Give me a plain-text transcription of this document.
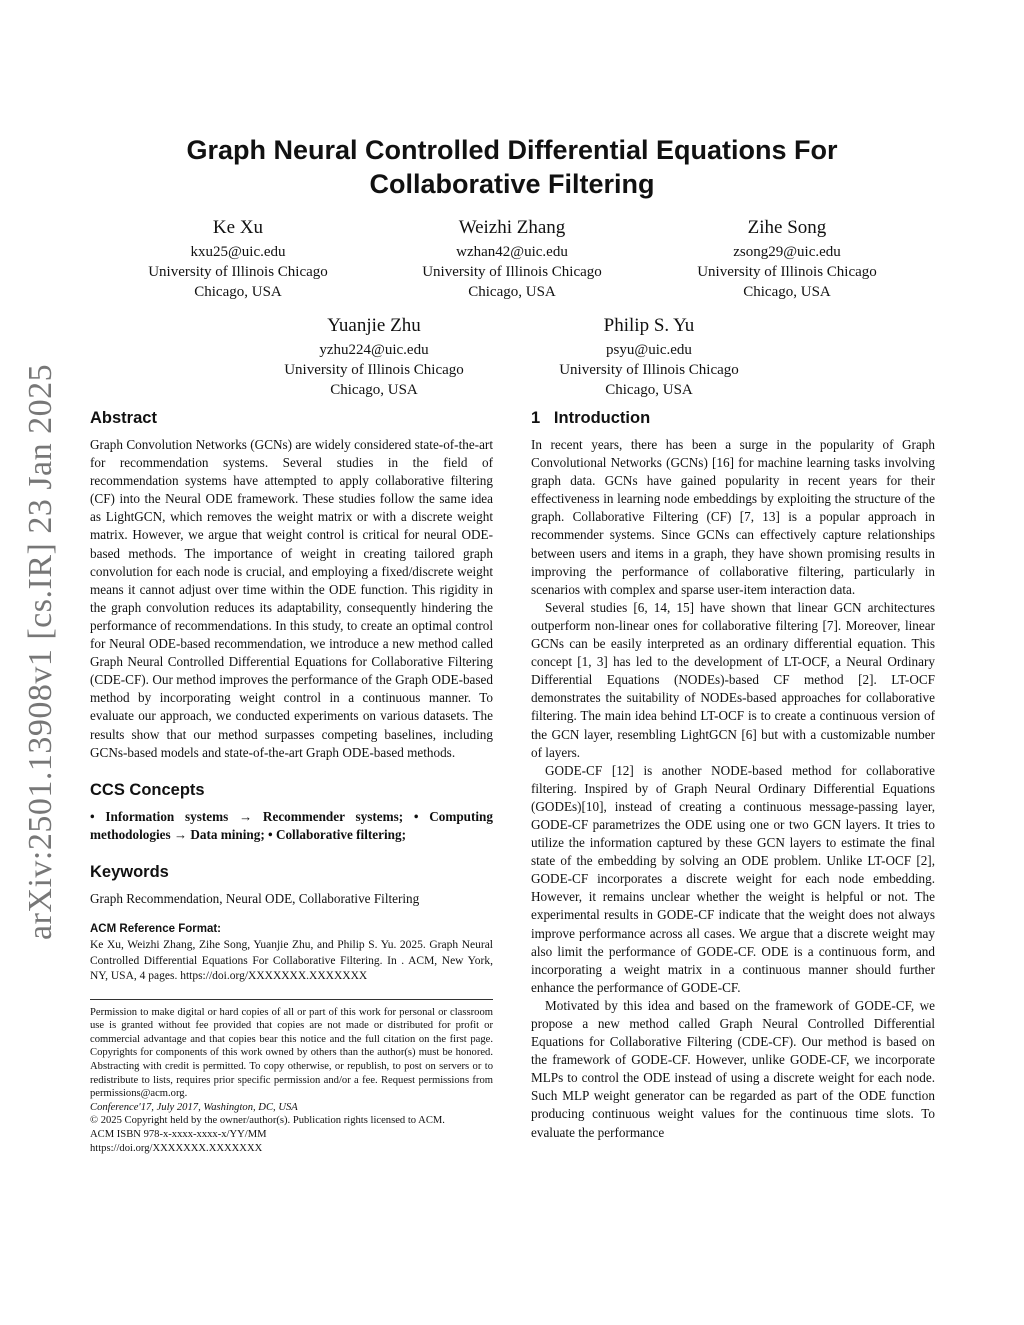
arXiv:2501.13908v1 [cs.IR] 23 Jan 2025
Graph Neural Controlled Differential Equations For
Collaborative Filtering
Ke Xu
kxu25@uic.edu
University of Illinois Chicago
Chicago, USA
Weizhi Zhang
wzhan42@uic.edu
University of Illinois Chicago
Chicago, USA
Zihe Song
zsong29@uic.edu
University of Illinois Chicago
Chicago, USA
Yuanjie Zhu
yzhu224@uic.edu
University of Illinois Chicago
Chicago, USA
Philip S. Yu
psyu@uic.edu
University of Illinois Chicago
Chicago, USA
Abstract

Graph Convolution Networks (GCNs) are widely considered state-of-the-art for recommendation systems. Several studies in the field of recommendation systems have attempted to apply collaborative filtering (CF) into the Neural ODE framework. These studies follow the same idea as LightGCN, which removes the weight matrix or with a discrete weight matrix. However, we argue that weight control is critical for neural ODE-based methods. The importance of weight in creating tailored graph convolution for each node is crucial, and employing a fixed/discrete weight means it cannot adjust over time within the ODE function. This rigidity in the graph convolution reduces its adaptability, consequently hindering the performance of recommendations. In this study, to create an optimal control for Neural ODE-based recommendation, we introduce a new method called Graph Neural Controlled Differential Equations for Collaborative Filtering (CDE-CF). Our method improves the performance of the Graph ODE-based method by incorporating weight control in a continuous manner. To evaluate our approach, we conducted experiments on various datasets. The results show that our method surpasses competing baselines, including GCNs-based models and state-of-the-art Graph ODE-based methods.

CCS Concepts

• Information systems → Recommender systems; • Computing methodologies → Data mining; • Collaborative filtering;

Keywords

Graph Recommendation, Neural ODE, Collaborative Filtering

ACM Reference Format:

Ke Xu, Weizhi Zhang, Zihe Song, Yuanjie Zhu, and Philip S. Yu. 2025. Graph Neural Controlled Differential Equations For Collaborative Filtering. In . ACM, New York, NY, USA, 4 pages. https://doi.org/XXXXXXX.XXXXXXX

Permission to make digital or hard copies of all or part of this work for personal or classroom use is granted without fee provided that copies are not made or distributed for profit or commercial advantage and that copies bear this notice and the full citation on the first page. Copyrights for components of this work owned by others than the author(s) must be honored. Abstracting with credit is permitted. To copy otherwise, or republish, to post on servers or to redistribute to lists, requires prior specific permission and/or a fee. Request permissions from permissions@acm.org.

Conference'17, July 2017, Washington, DC, USA
© 2025 Copyright held by the owner/author(s). Publication rights licensed to ACM.
ACM ISBN 978-x-xxxx-xxxx-x/YY/MM
https://doi.org/XXXXXXX.XXXXXXX
1   Introduction

In recent years, there has been a surge in the popularity of Graph Convolutional Networks (GCNs) [16] for machine learning tasks involving graph data. GCNs have gained popularity in recent years for their effectiveness in learning node embeddings by exploiting the structure of the graph. Collaborative Filtering (CF) [7, 13] is a popular approach in recommender systems. Since GCNs can effectively capture relationships between users and items in a graph, they have shown promising results in improving the performance of collaborative filtering, particularly in scenarios with complex and sparse user-item interaction data.

Several studies [6, 14, 15] have shown that linear GCN architectures outperform non-linear ones for collaborative filtering [7]. Moreover, linear GCNs can be easily interpreted as an ordinary differential equation. This concept [1, 3] has led to the development of LT-OCF, a Neural Ordinary Differential Equations (NODEs)-based CF method [2]. LT-OCF demonstrates the suitability of NODEs-based approaches for collaborative filtering. The main idea behind LT-OCF is to create a continuous version of the GCN layer, resembling LightGCN [6] but with a customizable number of layers.

GODE-CF [12] is another NODE-based method for collaborative filtering. Inspired by of Graph Neural Ordinary Differential Equations (GODEs)[10], instead of creating a continuous message-passing layer, GODE-CF parametrizes the ODE using one or two GCN layers. It tries to utilize the information captured by these GCN layers to estimate the final state of the embedding by solving an ODE problem. Unlike LT-OCF [2], GODE-CF incorporates a discrete weight for each node embedding. However, it remains unclear whether the weight is helpful or not. The experimental results in GODE-CF indicate that the weight does not always improve performance across all cases. We argue that a discrete weight may also limit the performance of GODE-CF. ODE is a continuous form, and incorporating a weight matrix in a continuous manner should further enhance the performance of GODE-CF.

Motivated by this idea and based on the framework of GODE-CF, we propose a new method called Graph Neural Controlled Differential Equations for Collaborative Filtering (CDE-CF). Our method is based on the framework of GODE-CF. However, unlike GODE-CF, we incorporate MLPs to control the ODE instead of using a discrete weight for each node. Such MLP weight generator can be regarded as part of the ODE function producing continuous weight values for the continuous time slots. To evaluate the performance
